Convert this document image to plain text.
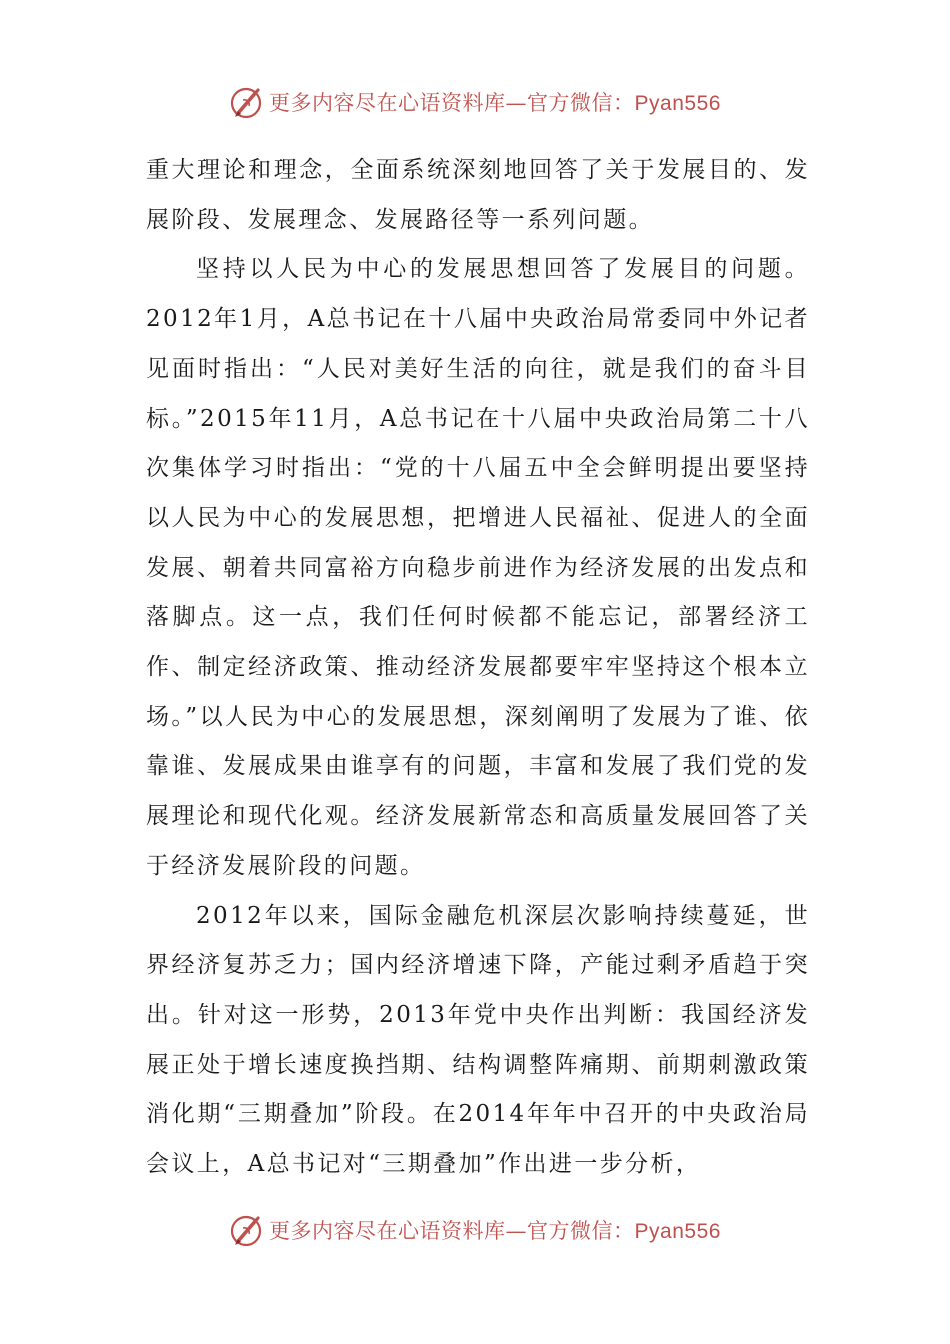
更多内容尽在心语资料库—官方微信：Pyan556

重大理论和理念，全面系统深刻地回答了关于发展目的、发展阶段、发展理念、发展路径等一系列问题。

坚持以人民为中心的发展思想回答了发展目的问题。2012年1月，A总书记在十八届中央政治局常委同中外记者见面时指出：“人民对美好生活的向往，就是我们的奋斗目标。”2015年11月，A总书记在十八届中央政治局第二十八次集体学习时指出：“党的十八届五中全会鲜明提出要坚持以人民为中心的发展思想，把增进人民福祉、促进人的全面发展、朝着共同富裕方向稳步前进作为经济发展的出发点和落脚点。这一点，我们任何时候都不能忘记，部署经济工作、制定经济政策、推动经济发展都要牢牢坚持这个根本立场。”以人民为中心的发展思想，深刻阐明了发展为了谁、依靠谁、发展成果由谁享有的问题，丰富和发展了我们党的发展理论和现代化观。经济发展新常态和高质量发展回答了关于经济发展阶段的问题。

2012年以来，国际金融危机深层次影响持续蔓延，世界经济复苏乏力；国内经济增速下降，产能过剩矛盾趋于突出。针对这一形势，2013年党中央作出判断：我国经济发展正处于增长速度换挡期、结构调整阵痛期、前期刺激政策消化期“三期叠加”阶段。在2014年年中召开的中央政治局会议上，A总书记对“三期叠加”作出进一步分析，

更多内容尽在心语资料库—官方微信：Pyan556
